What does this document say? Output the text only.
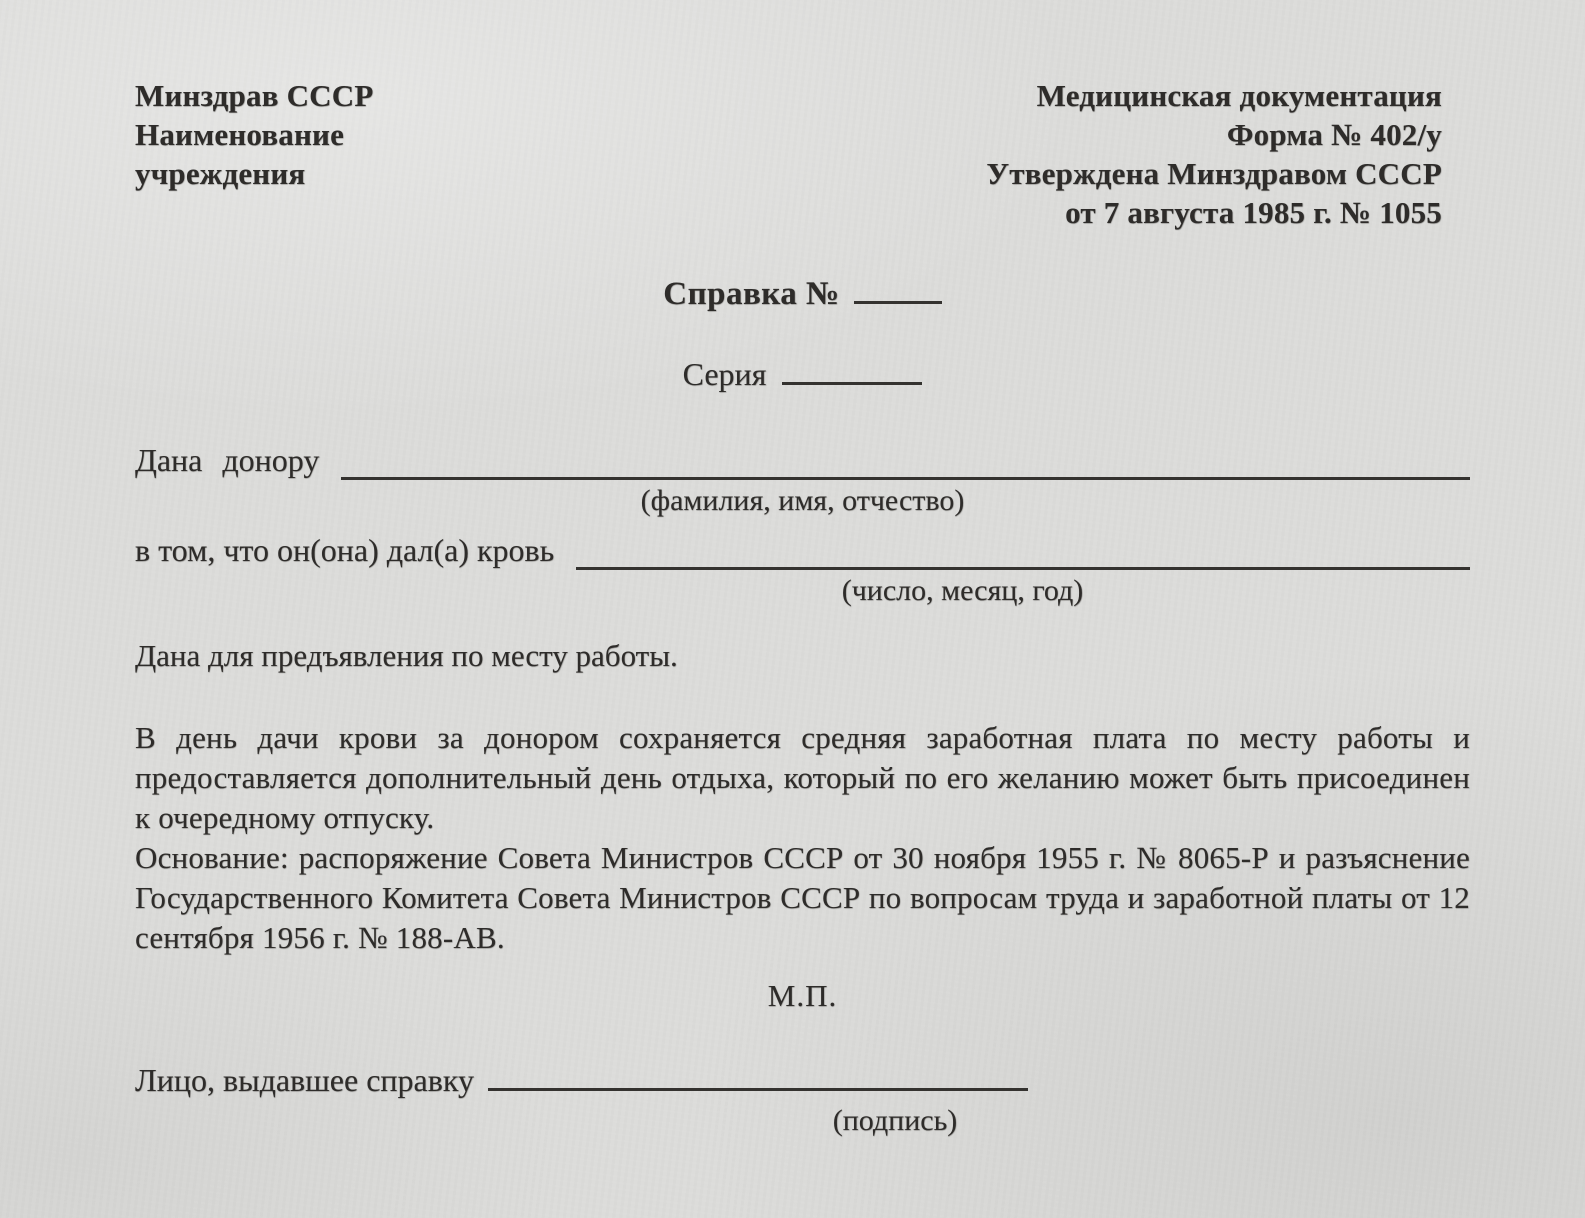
Минздрав СССР
Наименование
учреждения
Медицинская документация
Форма № 402/у
Утверждена Минздравом СССР
от 7 августа 1985 г. № 1055
Справка №
Серия
Дана донору
(фамилия, имя, отчество)
в том, что он(она) дал(а) кровь
(число, месяц, год)
Дана для предъявления по месту работы.

В день дачи крови за донором сохраняется средняя заработная плата по месту работы и предоставляется дополнительный день отдыха, который по его желанию может быть присоединен к очередному отпуску.

Основание: распоряжение Совета Министров СССР от 30 ноября 1955 г. № 8065-Р и разъяснение Государственного Комитета Совета Министров СССР по вопросам труда и заработной платы от 12 сентября 1956 г. № 188-АВ.

М.П.
Лицо, выдавшее справку
(подпись)
